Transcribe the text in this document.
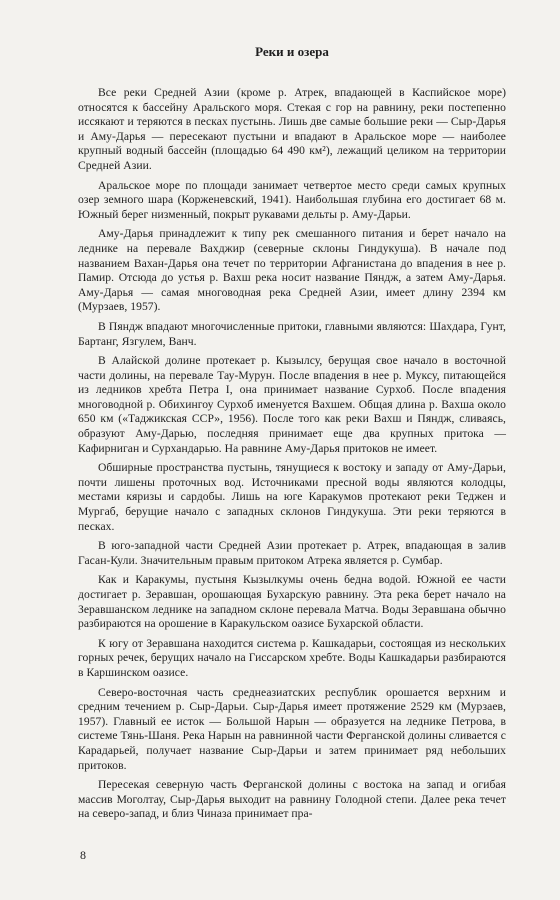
Реки и озера

Все реки Средней Азии (кроме р. Атрек, впадающей в Каспийское море) относятся к бассейну Аральского моря. Стекая с гор на равнину, реки постепенно иссякают и теряются в песках пустынь. Лишь две самые большие реки — Сыр-Дарья и Аму-Дарья — пересекают пустыни и впадают в Аральское море — наиболее крупный водный бассейн (площадью 64 490 км²), лежащий целиком на территории Средней Азии.

Аральское море по площади занимает четвертое место среди самых крупных озер земного шара (Корженевский, 1941). Наибольшая глубина его достигает 68 м. Южный берег низменный, покрыт рукавами дельты р. Аму-Дарьи.

Аму-Дарья принадлежит к типу рек смешанного питания и берет начало на леднике на перевале Ваxджир (северные склоны Гиндукуша). В начале под названием Вахан-Дарья она течет по территории Афганистана до впадения в нее р. Памир. Отсюда до устья р. Вахш река носит название Пяндж, а затем Аму-Дарья. Аму-Дарья — самая многоводная река Средней Азии, имеет длину 2394 км (Мурзаев, 1957).

В Пяндж впадают многочисленные притоки, главными являются: Шахдара, Гунт, Бартанг, Язгулем, Ванч.

В Алайской долине протекает р. Кызылсу, берущая свое начало в восточной части долины, на перевале Тау-Мурун. После впадения в нее р. Муксу, питающейся из ледников хребта Петра I, она принимает название Сурхоб. После впадения многоводной р. Обихингоу Сурхоб именуется Вахшем. Общая длина р. Вахша около 650 км («Таджикская ССР», 1956). После того как реки Вахш и Пяндж, сливаясь, образуют Аму-Дарью, последняя принимает еще два крупных притока — Кафирниган и Сурхандарью. На равнине Аму-Дарья притоков не имеет.

Обширные пространства пустынь, тянущиеся к востоку и западу от Аму-Дарьи, почти лишены проточных вод. Источниками пресной воды являются колодцы, местами кяризы и сардобы. Лишь на юге Каракумов протекают реки Теджен и Мургаб, берущие начало с западных склонов Гиндукуша. Эти реки теряются в песках.

В юго-западной части Средней Азии протекает р. Атрек, впадающая в залив Гасан-Кули. Значительным правым притоком Атрека является р. Сумбар.

Как и Каракумы, пустыня Кызылкумы очень бедна водой. Южной ее части достигает р. Зеравшан, орошающая Бухарскую равнину. Эта река берет начало на Зеравшанском леднике на западном склоне перевала Матча. Воды Зеравшана обычно разбираются на орошение в Каракульском оазисе Бухарской области.

К югу от Зеравшана находится система р. Кашкадарьи, состоящая из нескольких горных речек, берущих начало на Гиссарском хребте. Воды Кашкадарьи разбираются в Каршинском оазисе.

Северо-восточная часть среднеазиатских республик орошается верхним и средним течением р. Сыр-Дарьи. Сыр-Дарья имеет протяжение 2529 км (Мурзаев, 1957). Главный ее исток — Большой Нарын — образуется на леднике Петрова, в системе Тянь-Шаня. Река Нарын на равнинной части Ферганской долины сливается с Карадарьей, получает название Сыр-Дарьи и затем принимает ряд небольших притоков.

Пересекая северную часть Ферганской долины с востока на запад и огибая массив Моголтау, Сыр-Дарья выходит на равнину Голодной степи. Далее река течет на северо-запад, и близ Чиназа принимает пра-

8
